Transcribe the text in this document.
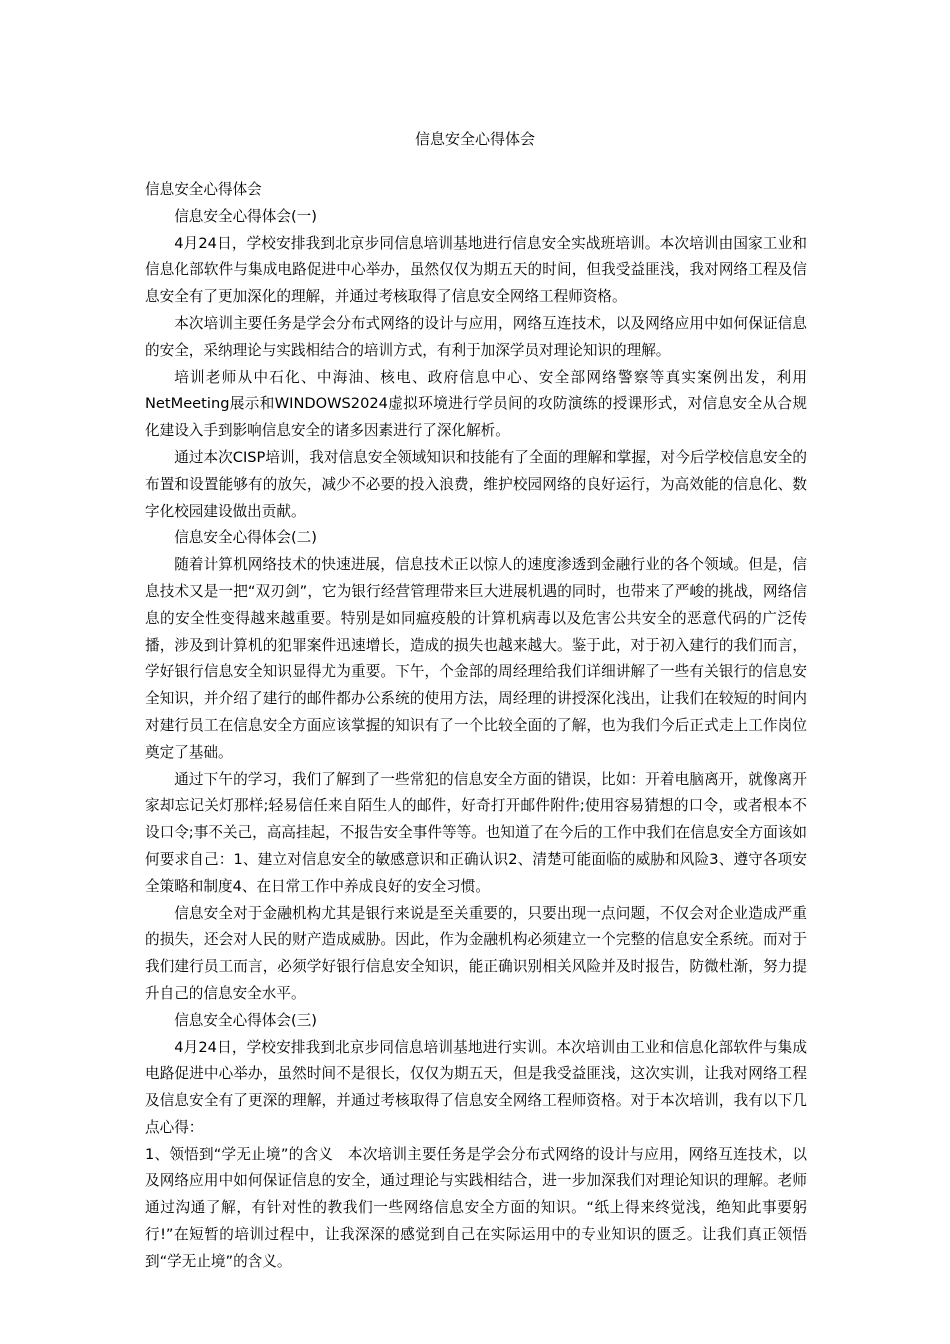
信息安全心得体会

信息安全心得体会

信息安全心得体会(一)

4月24日，学校安排我到北京步同信息培训基地进行信息安全实战班培训。本次培训由国家工业和信息化部软件与集成电路促进中心举办，虽然仅仅为期五天的时间，但我受益匪浅，我对网络工程及信息安全有了更加深化的理解，并通过考核取得了信息安全网络工程师资格。

本次培训主要任务是学会分布式网络的设计与应用，网络互连技术，以及网络应用中如何保证信息的安全，采纳理论与实践相结合的培训方式，有利于加深学员对理论知识的理解。

培训老师从中石化、中海油、核电、政府信息中心、安全部网络警察等真实案例出发，利用NetMeeting展示和WINDOWS2024虚拟环境进行学员间的攻防演练的授课形式，对信息安全从合规化建设入手到影响信息安全的诸多因素进行了深化解析。

通过本次CISP培训，我对信息安全领域知识和技能有了全面的理解和掌握，对今后学校信息安全的布置和设置能够有的放矢，减少不必要的投入浪费，维护校园网络的良好运行，为高效能的信息化、数字化校园建设做出贡献。

信息安全心得体会(二)

随着计算机网络技术的快速进展，信息技术正以惊人的速度渗透到金融行业的各个领域。但是，信息技术又是一把“双刃剑”，它为银行经营管理带来巨大进展机遇的同时，也带来了严峻的挑战，网络信息的安全性变得越来越重要。特别是如同瘟疫般的计算机病毒以及危害公共安全的恶意代码的广泛传播，涉及到计算机的犯罪案件迅速增长，造成的损失也越来越大。鉴于此，对于初入建行的我们而言，学好银行信息安全知识显得尤为重要。下午，个金部的周经理给我们详细讲解了一些有关银行的信息安全知识，并介绍了建行的邮件都办公系统的使用方法，周经理的讲授深化浅出，让我们在较短的时间内对建行员工在信息安全方面应该掌握的知识有了一个比较全面的了解，也为我们今后正式走上工作岗位奠定了基础。

通过下午的学习，我们了解到了一些常犯的信息安全方面的错误，比如：开着电脑离开，就像离开家却忘记关灯那样;轻易信任来自陌生人的邮件，好奇打开邮件附件;使用容易猜想的口令，或者根本不设口令;事不关己，高高挂起，不报告安全事件等等。也知道了在今后的工作中我们在信息安全方面该如何要求自己：1、建立对信息安全的敏感意识和正确认识2、清楚可能面临的威胁和风险3、遵守各项安全策略和制度4、在日常工作中养成良好的安全习惯。

信息安全对于金融机构尤其是银行来说是至关重要的，只要出现一点问题，不仅会对企业造成严重的损失，还会对人民的财产造成威胁。因此，作为金融机构必须建立一个完整的信息安全系统。而对于我们建行员工而言，必须学好银行信息安全知识，能正确识别相关风险并及时报告，防微杜渐，努力提升自己的信息安全水平。

信息安全心得体会(三)

4月24日，学校安排我到北京步同信息培训基地进行实训。本次培训由工业和信息化部软件与集成电路促进中心举办，虽然时间不是很长，仅仅为期五天，但是我受益匪浅，这次实训，让我对网络工程及信息安全有了更深的理解，并通过考核取得了信息安全网络工程师资格。对于本次培训，我有以下几点心得：

1、领悟到“学无止境”的含义　本次培训主要任务是学会分布式网络的设计与应用，网络互连技术，以及网络应用中如何保证信息的安全，通过理论与实践相结合，进一步加深我们对理论知识的理解。老师通过沟通了解，有针对性的教我们一些网络信息安全方面的知识。“纸上得来终觉浅，绝知此事要躬行!”在短暂的培训过程中，让我深深的感觉到自己在实际运用中的专业知识的匮乏。让我们真正领悟到“学无止境”的含义。
